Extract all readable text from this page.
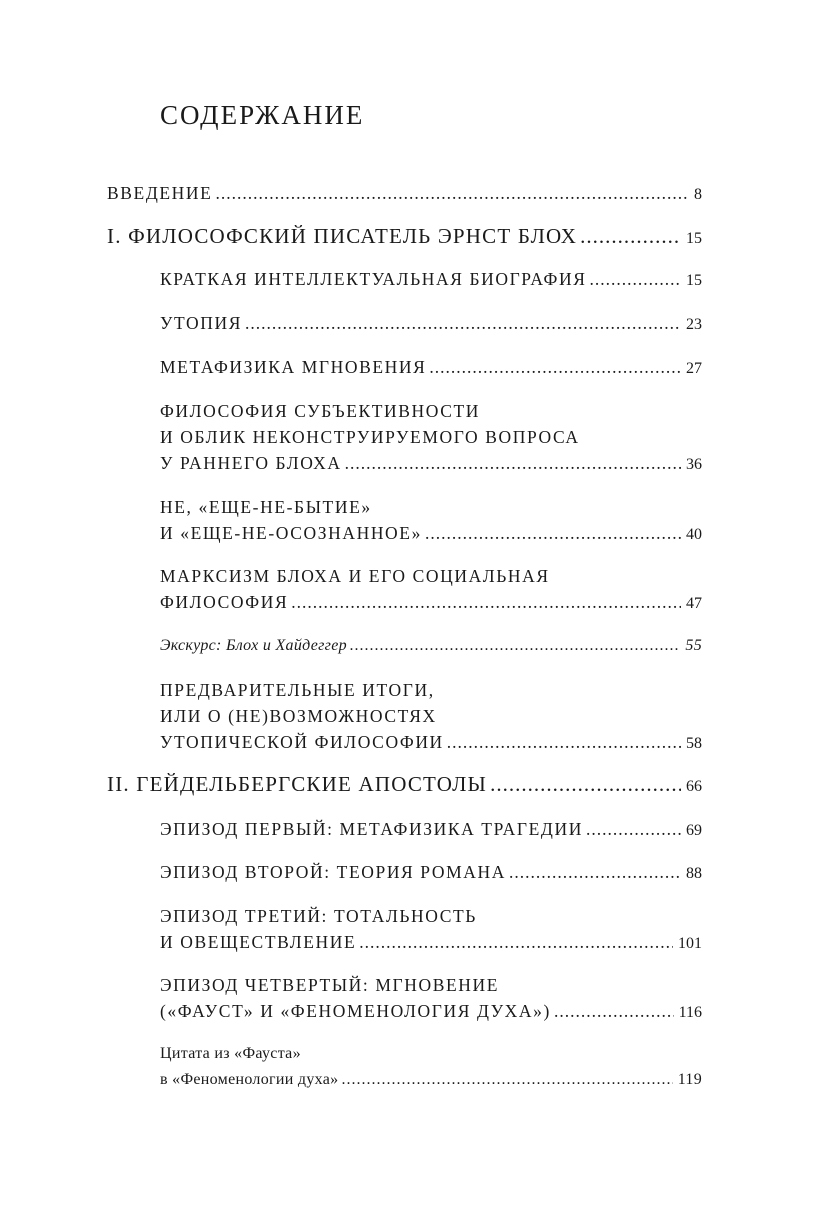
СОДЕРЖАНИЕ
ВВЕДЕНИЕ .....	8
I. ФИЛОСОФСКИЙ ПИСАТЕЛЬ ЭРНСТ БЛОХ .....	15
КРАТКАЯ ИНТЕЛЛЕКТУАЛЬНАЯ БИОГРАФИЯ .....	15
УТОПИЯ .....	23
МЕТАФИЗИКА МГНОВЕНИЯ .....	27
ФИЛОСОФИЯ СУБЪЕКТИВНОСТИ
И ОБЛИК НЕКОНСТРУИРУЕМОГО ВОПРОСА
У РАННЕГО БЛОХА .....	36
НЕ, «ЕЩЕ-НЕ-БЫТИЕ»
И «ЕЩЕ-НЕ-ОСОЗНАННОЕ» .....	40
МАРКСИЗМ БЛОХА И ЕГО СОЦИАЛЬНАЯ
ФИЛОСОФИЯ .....	47
Экскурс: Блох и Хайдеггер .....	55
ПРЕДВАРИТЕЛЬНЫЕ ИТОГИ,
ИЛИ О (НЕ)ВОЗМОЖНОСТЯХ
УТОПИЧЕСКОЙ ФИЛОСОФИИ .....	58
II. ГЕЙДЕЛЬБЕРГСКИЕ АПОСТОЛЫ .....	66
ЭПИЗОД ПЕРВЫЙ: МЕТАФИЗИКА ТРАГЕДИИ .....	69
ЭПИЗОД ВТОРОЙ: ТЕОРИЯ РОМАНА .....	88
ЭПИЗОД ТРЕТИЙ: ТОТАЛЬНОСТЬ
И ОВЕЩЕСТВЛЕНИЕ .....	101
ЭПИЗОД ЧЕТВЕРТЫЙ: МГНОВЕНИЕ
(«ФАУСТ» И «ФЕНОМЕНОЛОГИЯ ДУХА») .....	116
Цитата из «Фауста»
в «Феноменологии духа» .....	119
